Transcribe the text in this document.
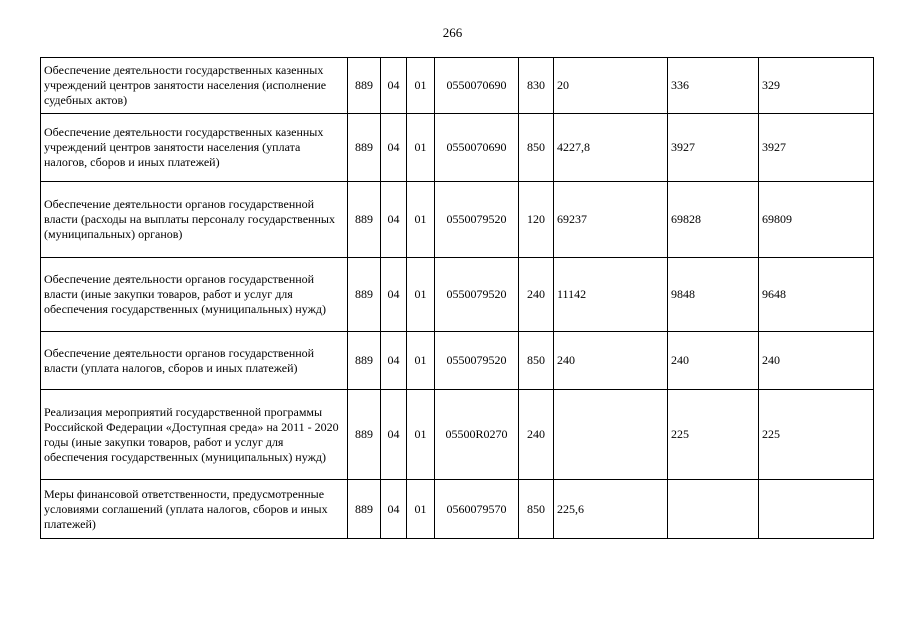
266
Обеспечение деятельности государственных казенных учреждений центров занятости населения (исполнение судебных актов)	889	04	01	0550070690	830	20	336	329
Обеспечение деятельности государственных казенных учреждений центров занятости населения (уплата налогов, сборов и иных платежей)	889	04	01	0550070690	850	4227,8	3927	3927
Обеспечение деятельности органов государственной власти (расходы на выплаты персоналу государственных (муниципальных) органов)	889	04	01	0550079520	120	69237	69828	69809
Обеспечение деятельности органов государственной власти (иные закупки товаров, работ и услуг для обеспечения государственных (муниципальных) нужд)	889	04	01	0550079520	240	11142	9848	9648
Обеспечение деятельности органов государственной власти (уплата налогов, сборов и иных платежей)	889	04	01	0550079520	850	240	240	240
Реализация мероприятий государственной программы Российской Федерации «Доступная среда» на 2011 - 2020 годы (иные закупки товаров, работ и услуг для обеспечения государственных (муниципальных) нужд)	889	04	01	05500R0270	240		225	225
Меры финансовой ответственности, предусмотренные условиями соглашений (уплата налогов, сборов и иных платежей)	889	04	01	0560079570	850	225,6		
